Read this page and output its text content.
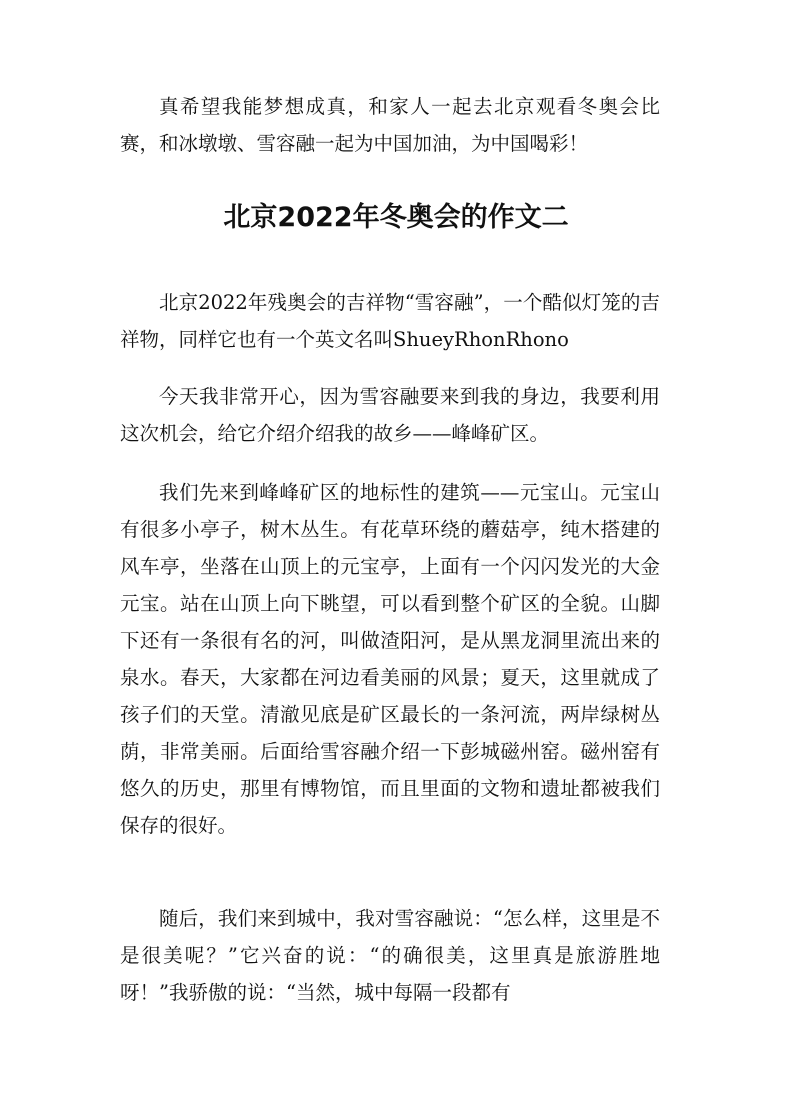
真希望我能梦想成真，和家人一起去北京观看冬奥会比赛，和冰墩墩、雪容融一起为中国加油，为中国喝彩！

北京2022年冬奥会的作文二

北京2022年残奥会的吉祥物“雪容融”，一个酷似灯笼的吉祥物，同样它也有一个英文名叫ShueyRhonRhono

今天我非常开心，因为雪容融要来到我的身边，我要利用这次机会，给它介绍介绍我的故乡——峰峰矿区。

我们先来到峰峰矿区的地标性的建筑——元宝山。元宝山有很多小亭子，树木丛生。有花草环绕的蘑菇亭，纯木搭建的风车亭，坐落在山顶上的元宝亭，上面有一个闪闪发光的大金元宝。站在山顶上向下眺望，可以看到整个矿区的全貌。山脚下还有一条很有名的河，叫做渣阳河，是从黑龙洞里流出来的泉水。春天，大家都在河边看美丽的风景；夏天，这里就成了孩子们的天堂。清澈见底是矿区最长的一条河流，两岸绿树丛荫，非常美丽。后面给雪容融介绍一下彭城磁州窑。磁州窑有悠久的历史，那里有博物馆，而且里面的文物和遗址都被我们保存的很好。

随后，我们来到城中，我对雪容融说：“怎么样，这里是不是很美呢？”它兴奋的说：“的确很美，这里真是旅游胜地呀！”我骄傲的说：“当然，城中每隔一段都有
